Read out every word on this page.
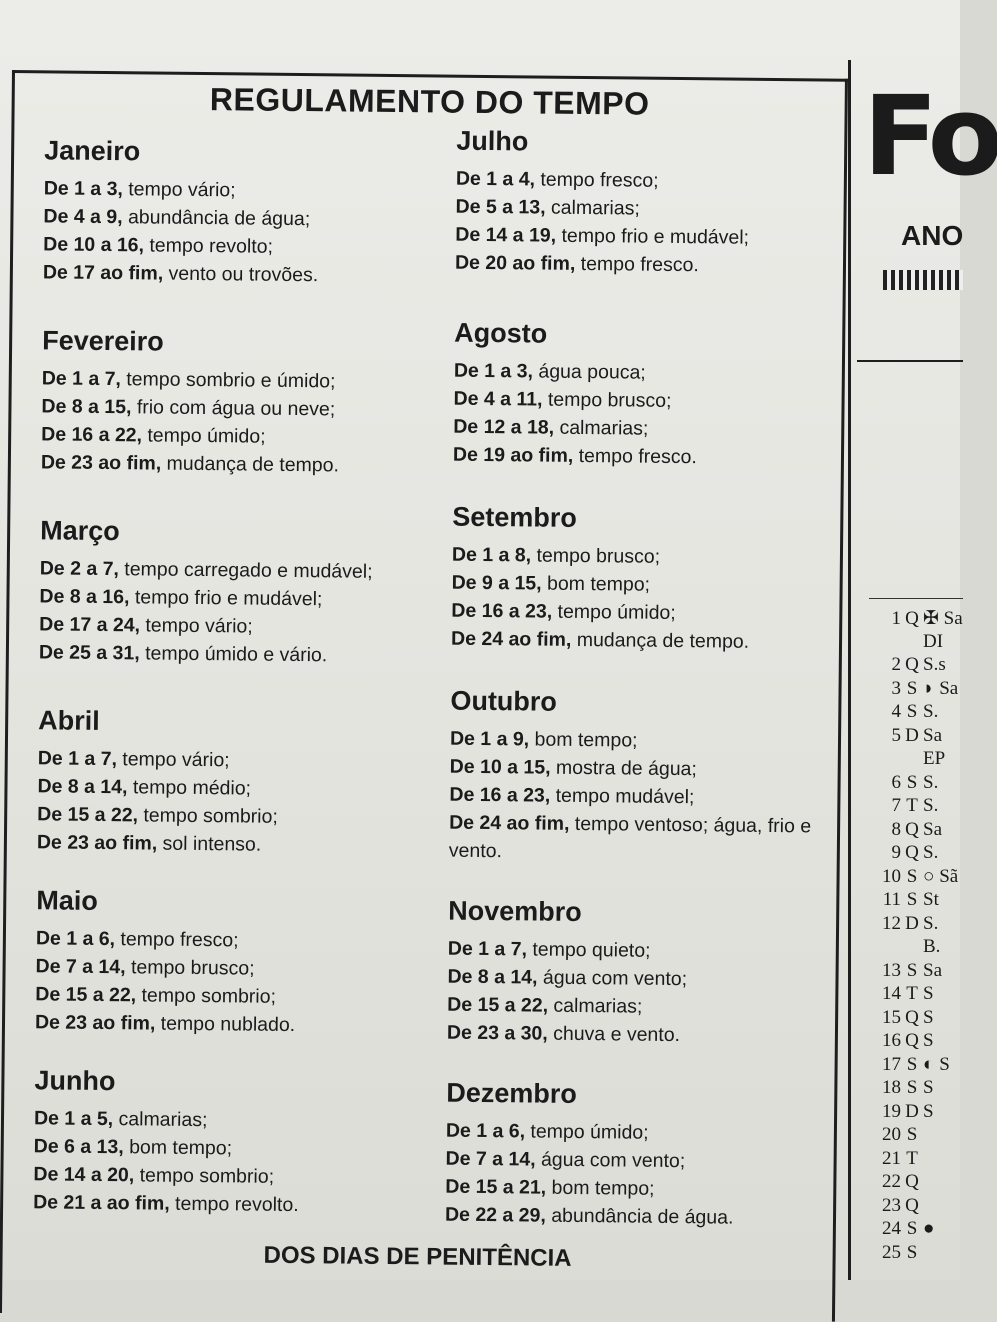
REGULAMENTO DO TEMPO
Janeiro
De 1 a 3, tempo vário;
De 4 a 9, abundância de água;
De 10 a 16, tempo revolto;
De 17 ao fim, vento ou trovões.
Fevereiro
De 1 a 7, tempo sombrio e úmido;
De 8 a 15, frio com água ou neve;
De 16 a 22, tempo úmido;
De 23 ao fim, mudança de tempo.
Março
De 2 a 7, tempo carregado e mudável;
De 8 a 16, tempo frio e mudável;
De 17 a 24, tempo vário;
De 25 a 31, tempo úmido e vário.
Abril
De 1 a 7, tempo vário;
De 8 a 14, tempo médio;
De 15 a 22, tempo sombrio;
De 23 ao fim, sol intenso.
Maio
De 1 a 6, tempo fresco;
De 7 a 14, tempo brusco;
De 15 a 22, tempo sombrio;
De 23 ao fim, tempo nublado.
Junho
De 1 a 5, calmarias;
De 6 a 13, bom tempo;
De 14 a 20, tempo sombrio;
De 21 a ao fim, tempo revolto.
Julho
De 1 a 4, tempo fresco;
De 5 a 13, calmarias;
De 14 a 19, tempo frio e mudável;
De 20 ao fim, tempo fresco.
Agosto
De 1 a 3, água pouca;
De 4 a 11, tempo brusco;
De 12 a 18, calmarias;
De 19 ao fim, tempo fresco.
Setembro
De 1 a 8, tempo brusco;
De 9 a 15, bom tempo;
De 16 a 23, tempo úmido;
De 24 ao fim, mudança de tempo.
Outubro
De 1 a 9, bom tempo;
De 10 a 15, mostra de água;
De 16 a 23, tempo mudável;
De 24 ao fim, tempo ventoso; água, frio e vento.
Novembro
De 1 a 7, tempo quieto;
De 8 a 14, água com vento;
De 15 a 22, calmarias;
De 23 a 30, chuva e vento.
Dezembro
De 1 a 6, tempo úmido;
De 7 a 14, água com vento;
De 15 a 21, bom tempo;
De 22 a 29, abundância de água.
DOS DIAS DE PENITÊNCIA
Fo
ANO
1 Q ✠ Sa
DI
2 Q S.s
3 S ◗ Sa
4 S S.
5 D Sa
EP
6 S S.
7 T S.
8 Q Sa
9 Q S.
10 S ○ Sã
11 S St
12 D S.
B.
13 S Sa
14 T S
15 Q S
16 Q S
17 S ◐ S
18 S S
19 D S
20 S
21 T
22 Q
23 Q
24 S ●
25 S
